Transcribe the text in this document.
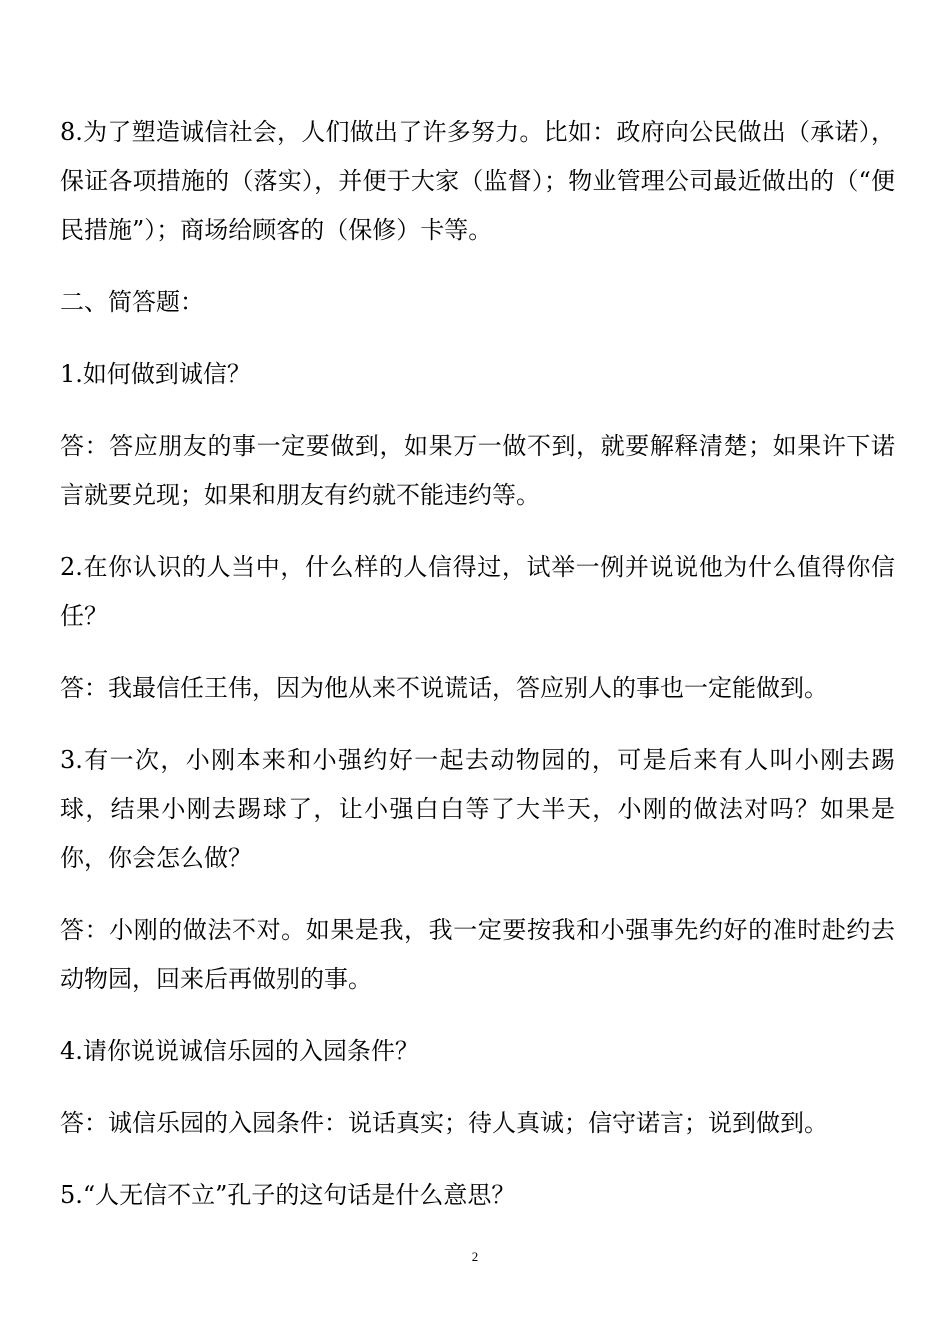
8.为了塑造诚信社会，人们做出了许多努力。比如：政府向公民做出（承诺），保证各项措施的（落实），并便于大家（监督）；物业管理公司最近做出的（“便民措施”）；商场给顾客的（保修）卡等。

二、简答题：

1.如何做到诚信？

答：答应朋友的事一定要做到，如果万一做不到，就要解释清楚；如果许下诺言就要兑现；如果和朋友有约就不能违约等。

2.在你认识的人当中，什么样的人信得过，试举一例并说说他为什么值得你信任？

答：我最信任王伟，因为他从来不说谎话，答应别人的事也一定能做到。

3.有一次，小刚本来和小强约好一起去动物园的，可是后来有人叫小刚去踢球，结果小刚去踢球了，让小强白白等了大半天，小刚的做法对吗？如果是你，你会怎么做？

答：小刚的做法不对。如果是我，我一定要按我和小强事先约好的准时赴约去动物园，回来后再做别的事。

4.请你说说诚信乐园的入园条件？

答：诚信乐园的入园条件：说话真实；待人真诚；信守诺言；说到做到。

5.“人无信不立”孔子的这句话是什么意思？

2
